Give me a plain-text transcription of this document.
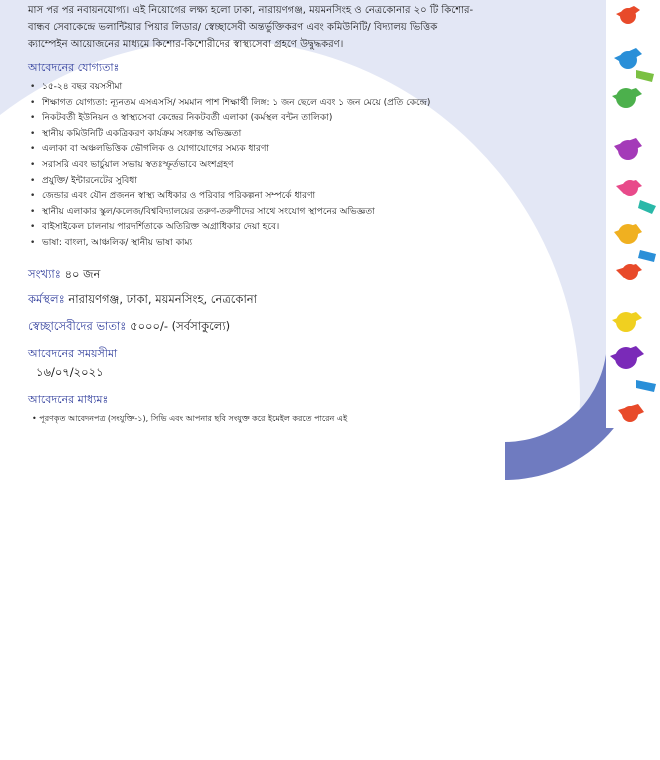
মাস পর পর নবায়নযোগ্য। এই নিয়োগের লক্ষ্য হলো ঢাকা, নারায়ণগঞ্জ, ময়মনসিংহ ও নেত্রকোনার ২০ টি কিশোর-
বান্ধব সেবাকেন্দ্রে ভলান্টিয়ার পিয়ার লিডার/ স্বেচ্ছাসেবী অন্তর্ভুক্তিকরণ এবং কমিউনিটি/ বিদ্যালয় ভিত্তিক
ক্যাম্পেইন আয়োজনের মাধ্যমে কিশোর-কিশোরীদের স্বাস্থ্যসেবা গ্রহণে উদ্বুদ্ধকরণ।
আবেদনের যোগ্যতাঃ
• ১৫-২৪ বছর বয়সসীমা
• শিক্ষাগত যোগ্যতা: ন্যূনতম এসএসসি/ সমমান পাশ শিক্ষার্থী লিঙ্গ: ১ জন ছেলে এবং ১ জন মেয়ে (প্রতি কেন্দ্রে)
• নিকটবর্তী ইউনিয়ন ও স্বাস্থ্যসেবা কেন্দ্রের নিকটবর্তী এলাকা (কর্মস্থল বন্টন তালিকা)
• স্থানীয় কমিউনিটি একত্রিকরণ কার্যক্রম সংক্রান্ত অভিজ্ঞতা
• এলাকা বা অঞ্চলভিত্তিক ভৌগলিক ও যোগাযোগের সম্যক ধারণা
• সরাসরি এবং ভার্চুয়াল সভায় স্বতঃস্ফূর্তভাবে অংশগ্রহণ
• প্রযুক্তি/ ইন্টারনেটের সুবিধা
• জেন্ডার এবং যৌন প্রজনন স্বাস্থ্য অধিকার ও পরিবার পরিকল্পনা সম্পর্কে ধারণা
• স্থানীয় এলাকার স্কুল/কলেজ/বিশ্ববিদ্যালয়ের তরুণ-তরুণীদের সাথে সংযোগ স্থাপনের অভিজ্ঞতা
• বাইসাইকেল চালনায় পারদর্শিতাকে অতিরিক্ত অগ্রাধিকার দেয়া হবে।
• ভাষা: বাংলা, আঞ্চলিক/ স্থানীয় ভাষা কাম্য
সংখ্যাঃ ৪০ জন
কর্মস্থলঃ নারায়ণগঞ্জ, ঢাকা, ময়মনসিংহ, নেত্রকোনা
স্বেচ্ছাসেবীদের ভাতাঃ ৫০০০/- (সর্বসাকুল্যে)
আবেদনের সময়সীমা
১৬/০৭/২০২১
আবেদনের মাধ্যমঃ
• পূরণকৃত আবেদনপত্র (সংযুক্তি-১), সিভি এবং আপনার ছবি সংযুক্ত করে ইমেইল করতে পারেন এই
